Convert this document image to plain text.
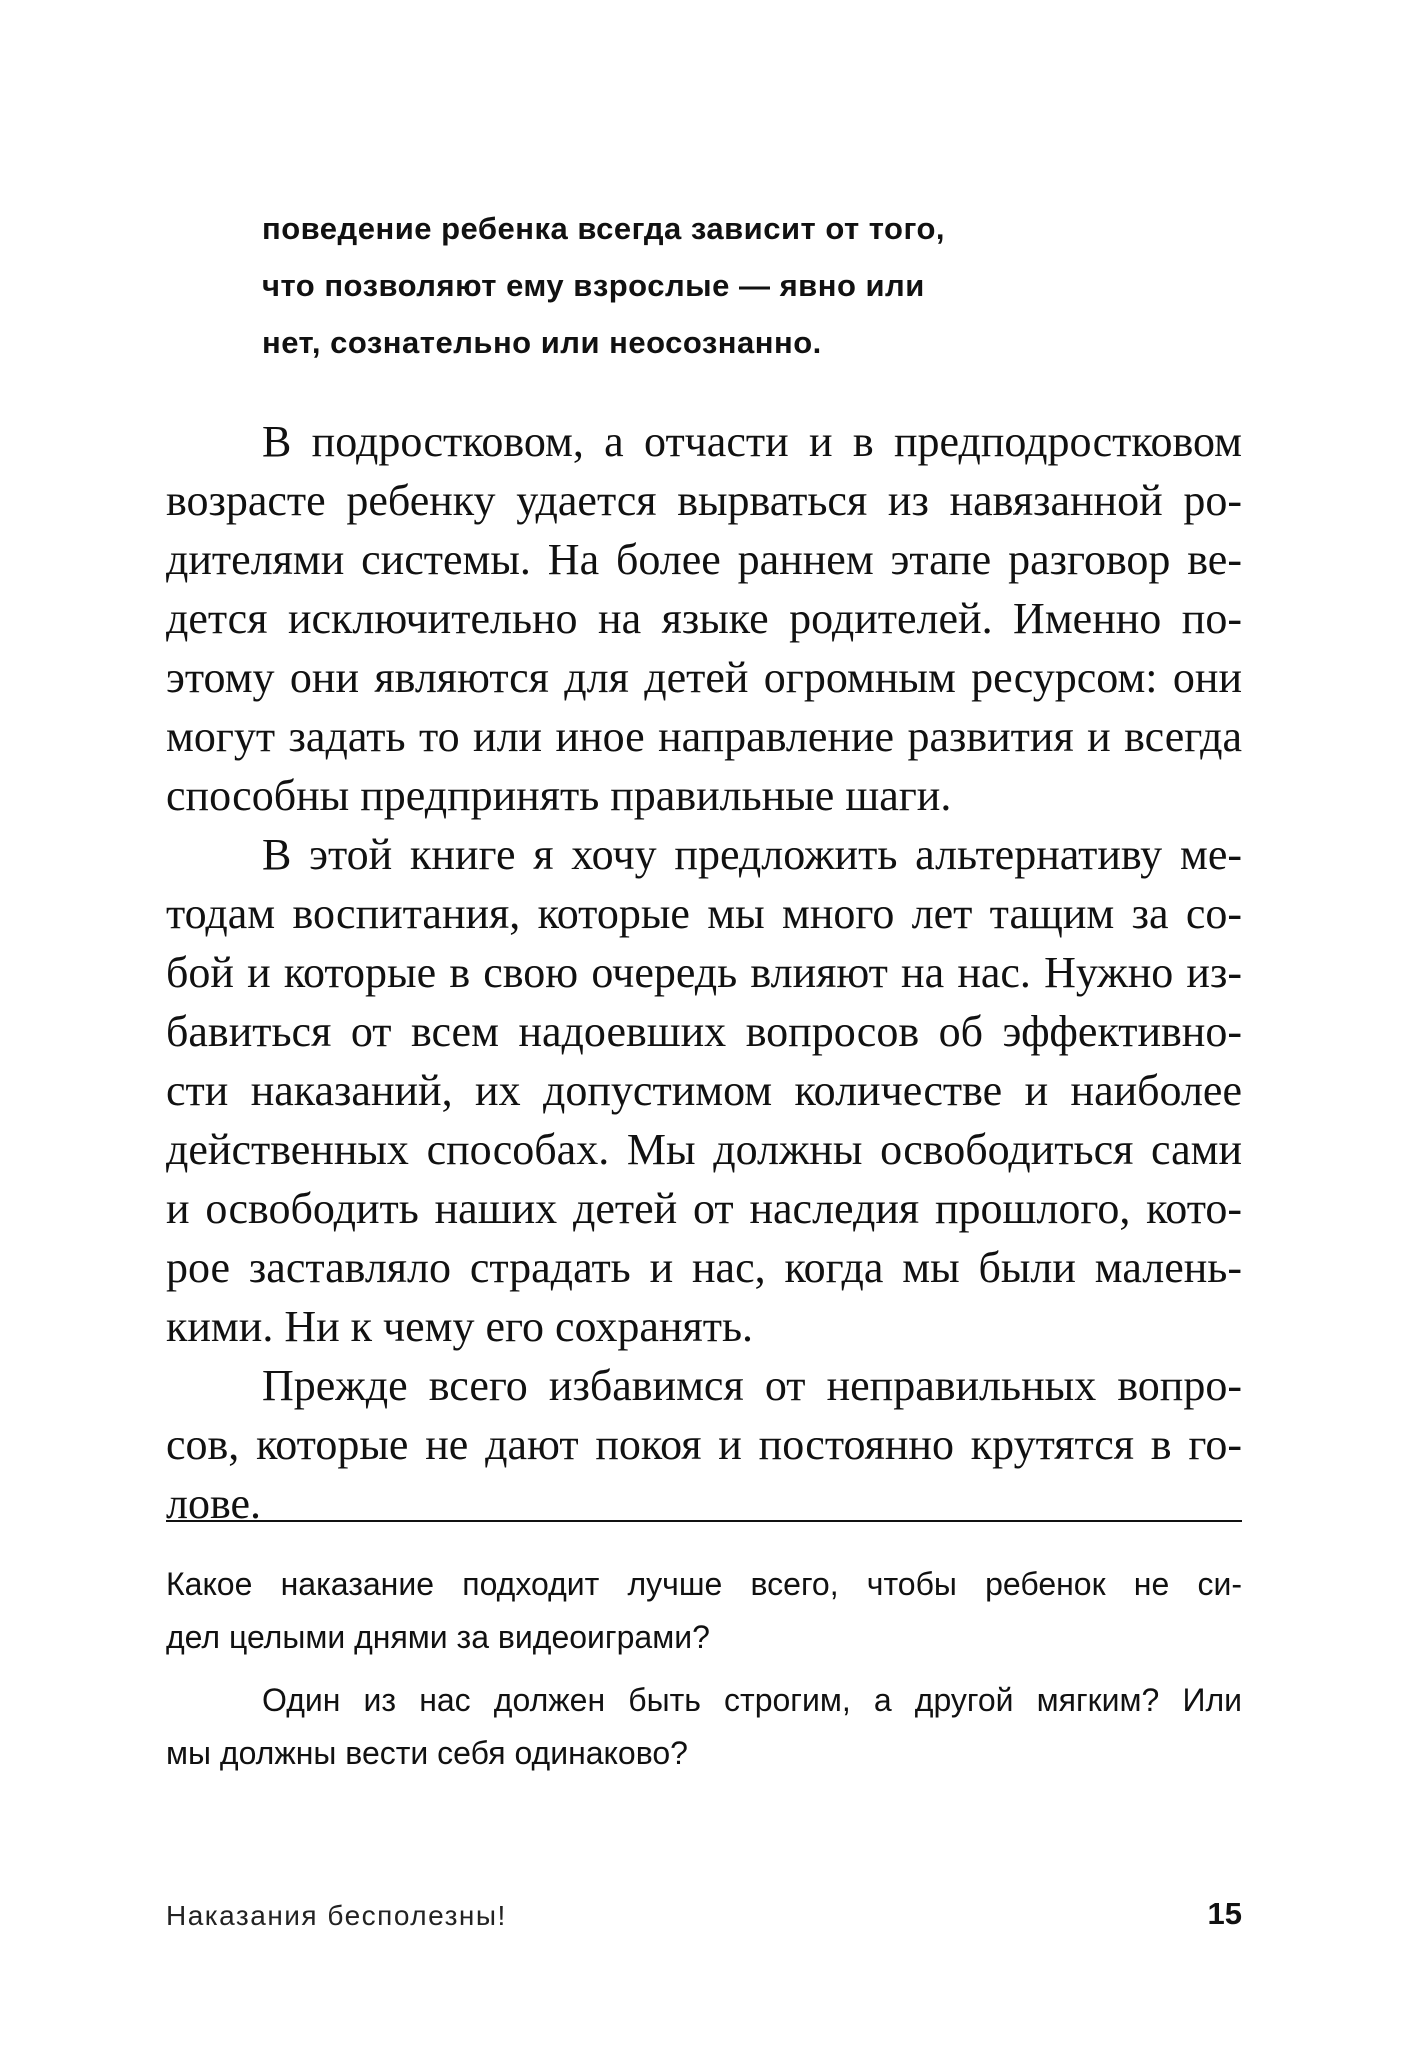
поведение ребенка всегда зависит от того,
что позволяют ему взрослые — явно или
нет, сознательно или неосознанно.

В подростковом, а отчасти и в предподростковом
возрасте ребенку удается вырваться из навязанной ро-
дителями системы. На более раннем этапе разговор ве-
дется исключительно на языке родителей. Именно по-
этому они являются для детей огромным ресурсом: они
могут задать то или иное направление развития и всегда
способны предпринять правильные шаги.

В этой книге я хочу предложить альтернативу ме-
тодам воспитания, которые мы много лет тащим за со-
бой и которые в свою очередь влияют на нас. Нужно из-
бавиться от всем надоевших вопросов об эффективно-
сти наказаний, их допустимом количестве и наиболее
действенных способах. Мы должны освободиться сами
и освободить наших детей от наследия прошлого, кото-
рое заставляло страдать и нас, когда мы были малень-
кими. Ни к чему его сохранять.

Прежде всего избавимся от неправильных вопро-
сов, которые не дают покоя и постоянно крутятся в го-
лове.

Какое наказание подходит лучше всего, чтобы ребенок не си-
дел целыми днями за видеоиграми?

Один из нас должен быть строгим, а другой мягким? Или
мы должны вести себя одинаково?

Наказания бесполезны!	15
